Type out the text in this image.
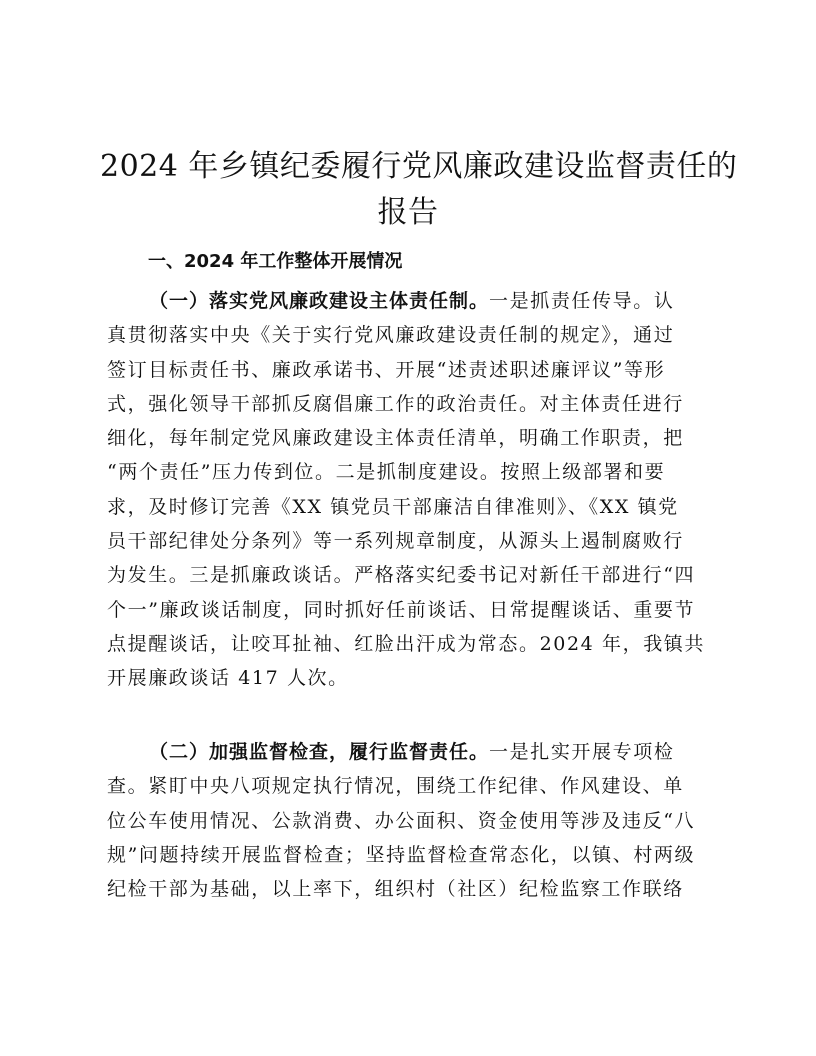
2024 年乡镇纪委履行党风廉政建设监督责任的
报告
一、2024 年工作整体开展情况
（一）落实党风廉政建设主体责任制。一是抓责任传导。认
真贯彻落实中央《关于实行党风廉政建设责任制的规定》，通过
签订目标责任书、廉政承诺书、开展“述责述职述廉评议”等形
式，强化领导干部抓反腐倡廉工作的政治责任。对主体责任进行
细化，每年制定党风廉政建设主体责任清单，明确工作职责，把
“两个责任”压力传到位。二是抓制度建设。按照上级部署和要
求，及时修订完善《XX 镇党员干部廉洁自律准则》、《XX 镇党
员干部纪律处分条列》等一系列规章制度，从源头上遏制腐败行
为发生。三是抓廉政谈话。严格落实纪委书记对新任干部进行“四
个一”廉政谈话制度，同时抓好任前谈话、日常提醒谈话、重要节
点提醒谈话，让咬耳扯袖、红脸出汗成为常态。2024 年，我镇共
开展廉政谈话 417 人次。
（二）加强监督检查，履行监督责任。一是扎实开展专项检
查。紧盯中央八项规定执行情况，围绕工作纪律、作风建设、单
位公车使用情况、公款消费、办公面积、资金使用等涉及违反“八
规”问题持续开展监督检查；坚持监督检查常态化，以镇、村两级
纪检干部为基础，以上率下，组织村（社区）纪检监察工作联络
